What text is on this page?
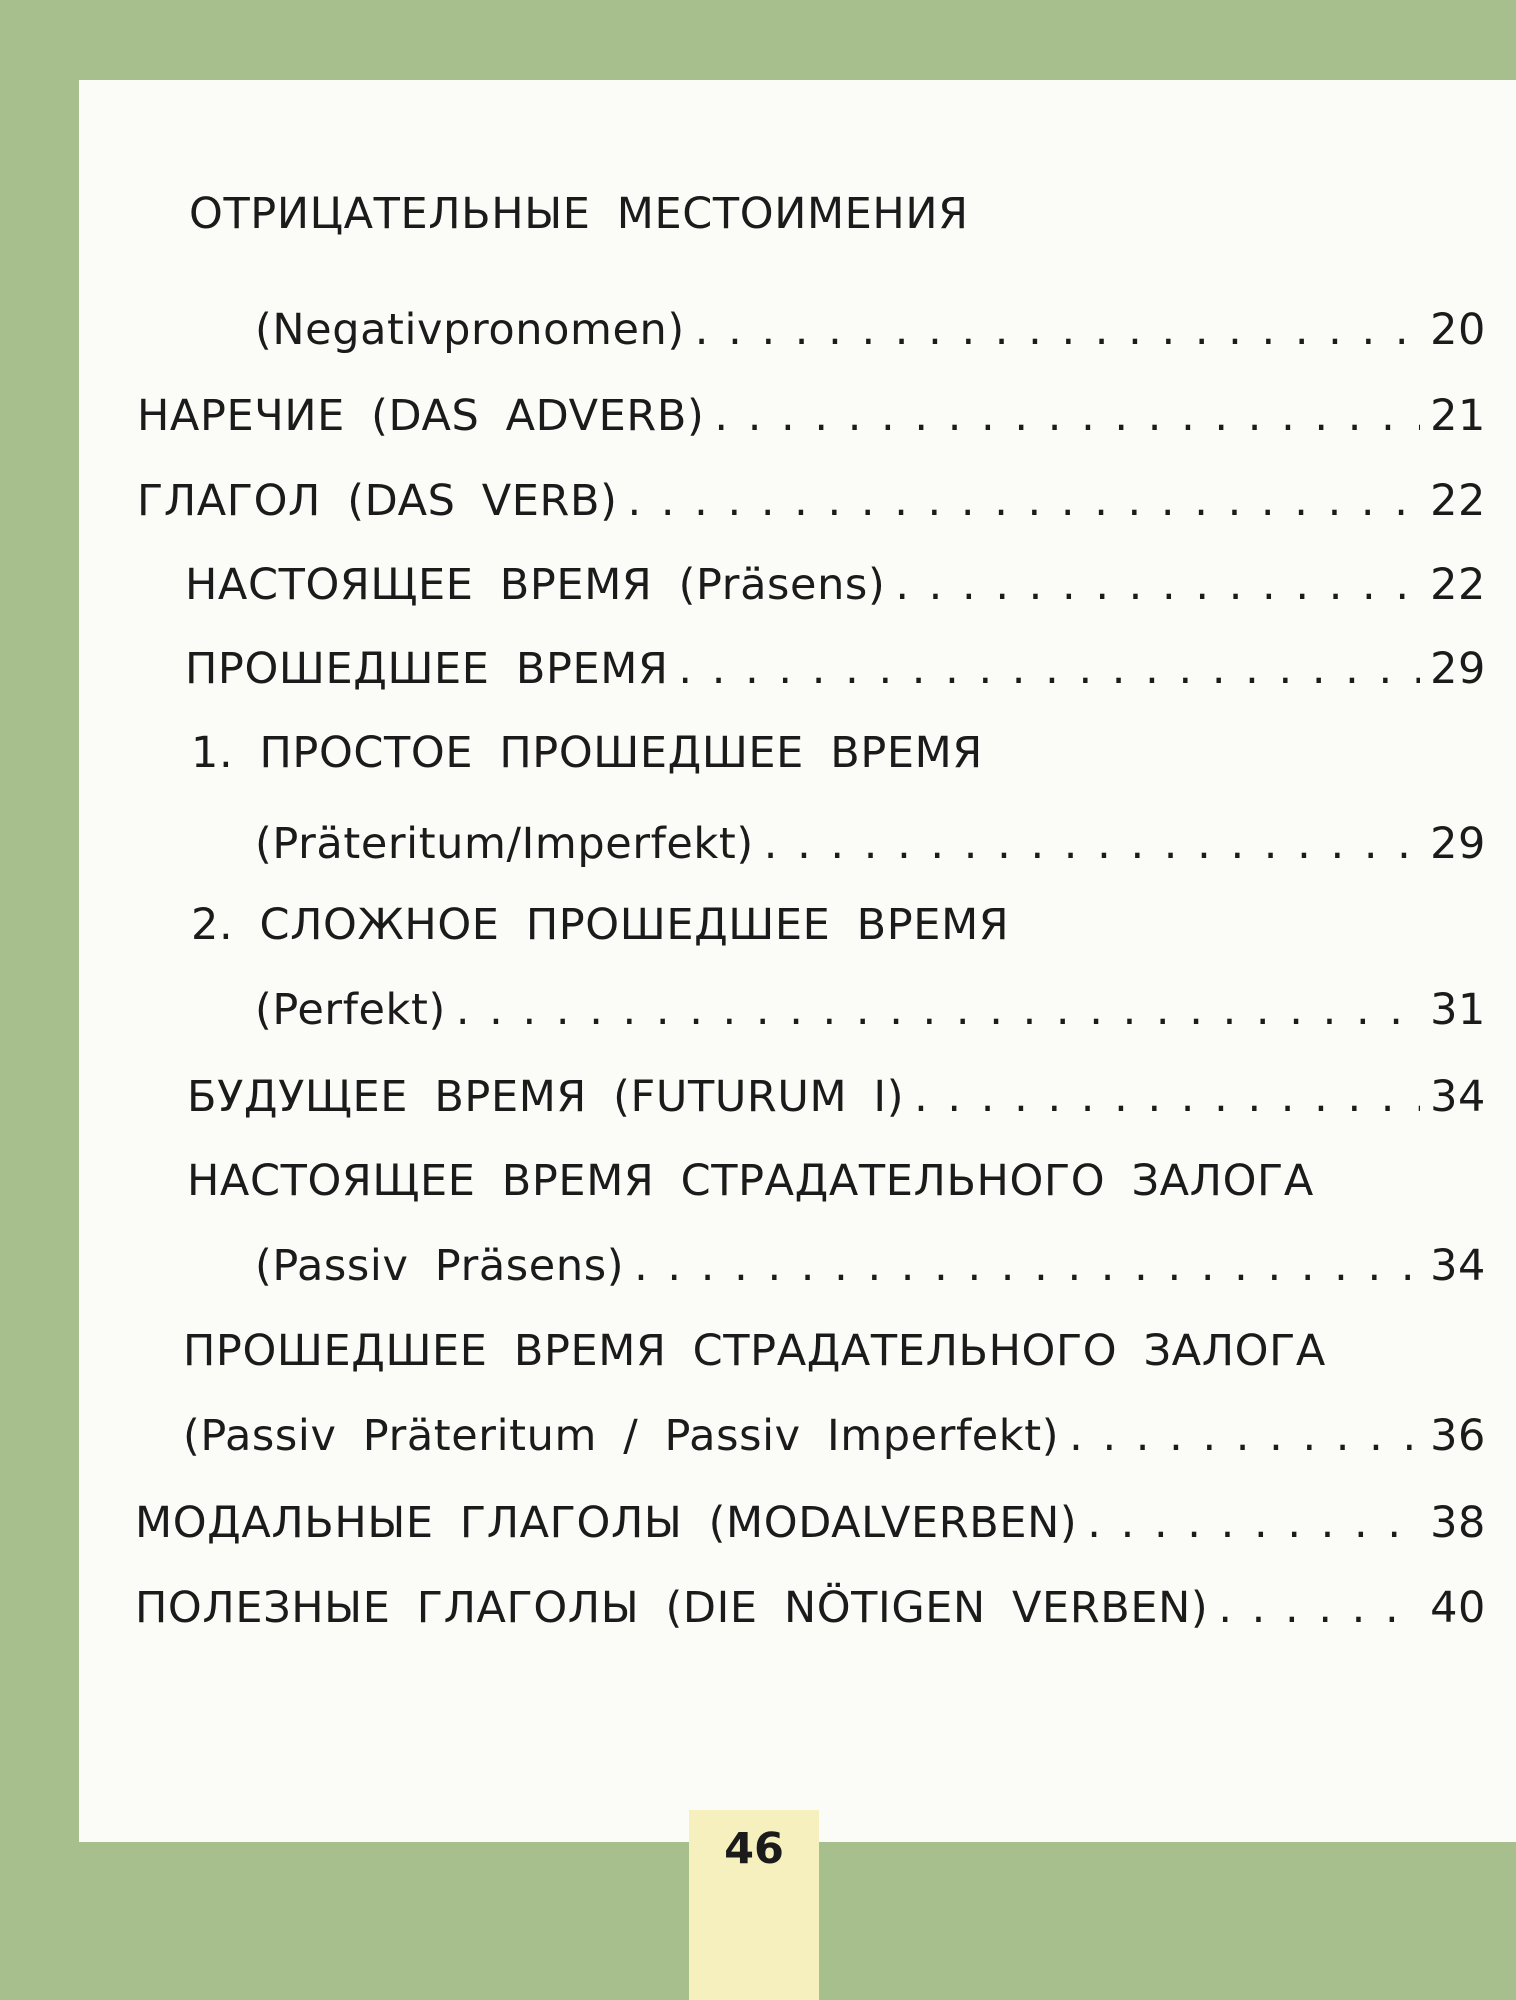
ОТРИЦАТЕЛЬНЫЕ МЕСТОИМЕНИЯ
(Negativpronomen) . . .	20
НАРЕЧИЕ (DAS ADVERB) . . .	21
ГЛАГОЛ (DAS VERB) . . .	22
НАСТОЯЩЕЕ ВРЕМЯ (Präsens) . . .	22
ПРОШЕДШЕЕ ВРЕМЯ . . .	29
1. ПРОСТОЕ ПРОШЕДШЕЕ ВРЕМЯ
(Präteritum/Imperfekt) . . .	29
2. СЛОЖНОЕ ПРОШЕДШЕЕ ВРЕМЯ
(Perfekt) . . .	31
БУДУЩЕЕ ВРЕМЯ (FUTURUM I) . . .	34
НАСТОЯЩЕЕ ВРЕМЯ СТРАДАТЕЛЬНОГО ЗАЛОГА
(Passiv Präsens) . . .	34
ПРОШЕДШЕЕ ВРЕМЯ СТРАДАТЕЛЬНОГО ЗАЛОГА
(Passiv Präteritum / Passiv Imperfekt) . . .	36
МОДАЛЬНЫЕ ГЛАГОЛЫ (MODALVERBEN) . . .	38
ПОЛЕЗНЫЕ ГЛАГОЛЫ (DIE NÖTIGEN VERBEN) . . .	40
46
